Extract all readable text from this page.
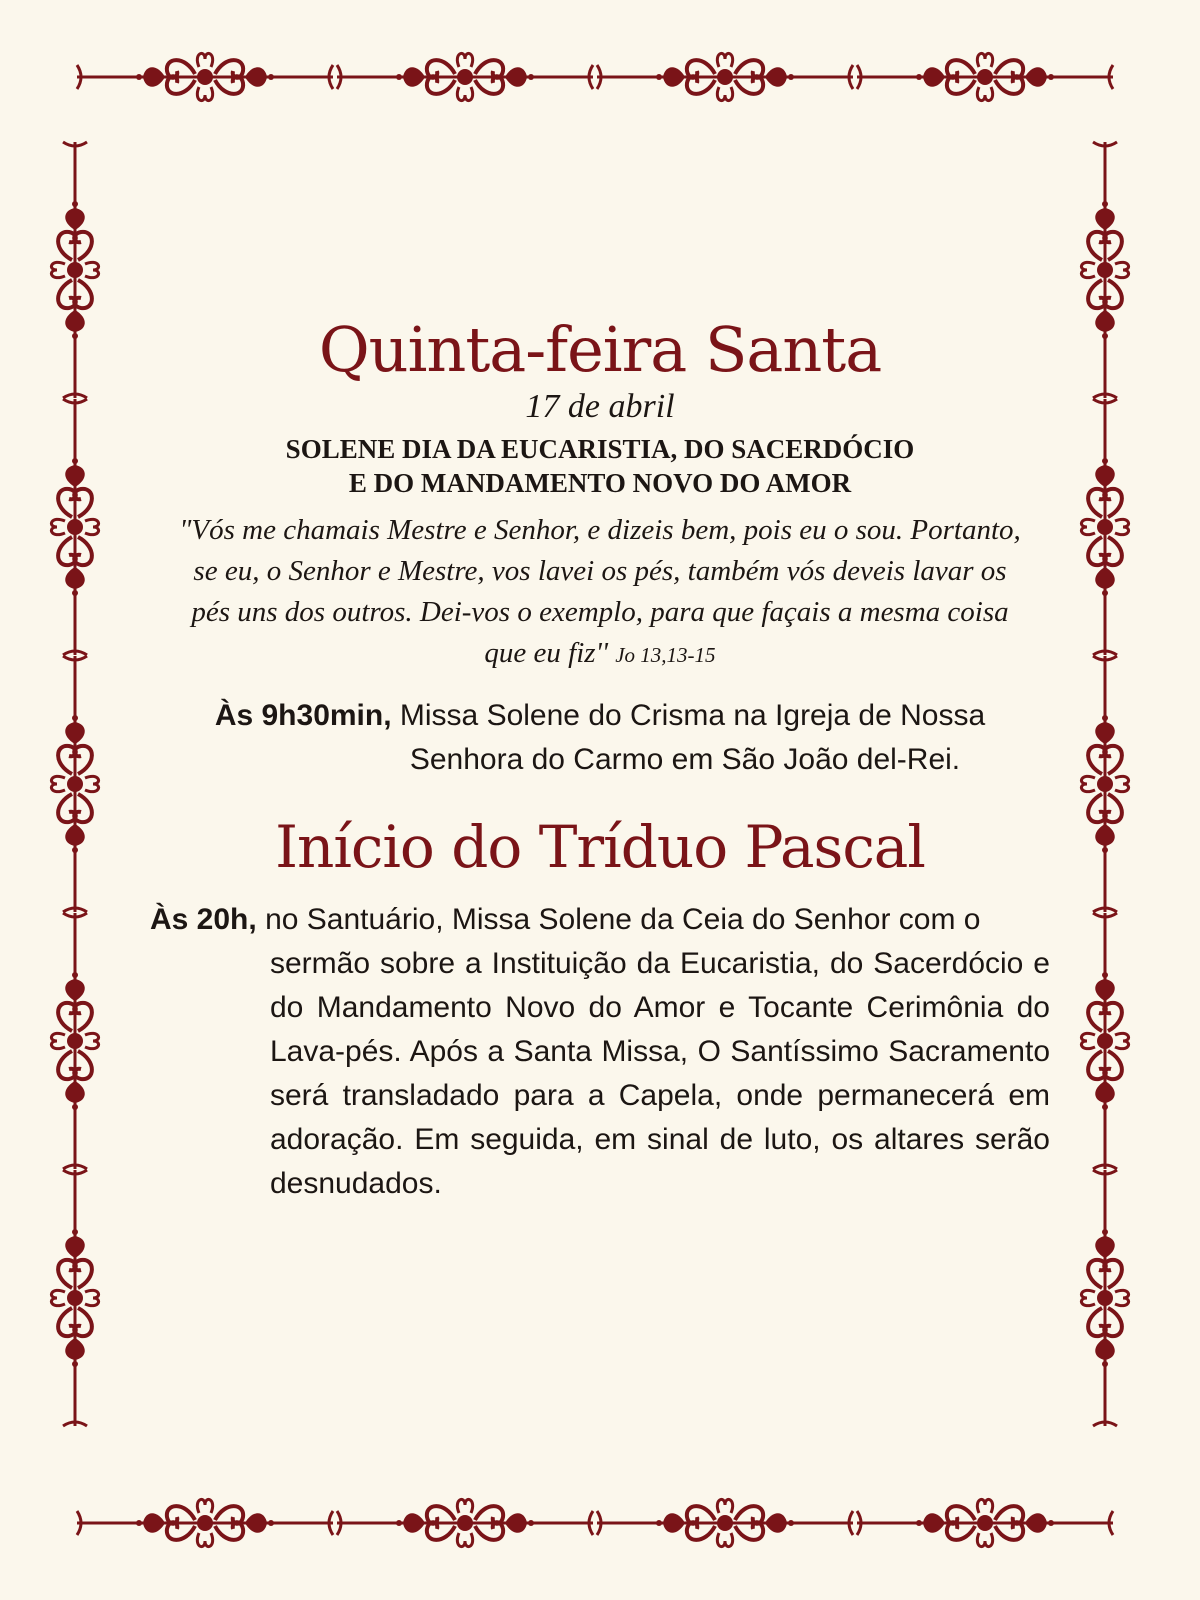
Quinta-feira Santa
17 de abril
SOLENE DIA DA EUCARISTIA, DO SACERDÓCIO
E DO MANDAMENTO NOVO DO AMOR
"Vós me chamais Mestre e Senhor, e dizeis bem, pois eu o sou. Portanto, se eu, o Senhor e Mestre, vos lavei os pés, também vós deveis lavar os pés uns dos outros. Dei-vos o exemplo, para que façais a mesma coisa que eu fiz'' Jo 13,13-15
Às 9h30min, Missa Solene do Crisma na Igreja de Nossa
Senhora do Carmo em São João del-Rei.
Início do Tríduo Pascal
Às 20h, no Santuário, Missa Solene da Ceia do Senhor com o
sermão sobre a Instituição da Eucaristia, do Sacerdócio e do Mandamento Novo do Amor e Tocante Cerimônia do Lava-pés. Após a Santa Missa, O Santíssimo Sacramento será transladado para a Capela, onde permanecerá em adoração. Em seguida, em sinal de luto, os altares serão desnudados.
